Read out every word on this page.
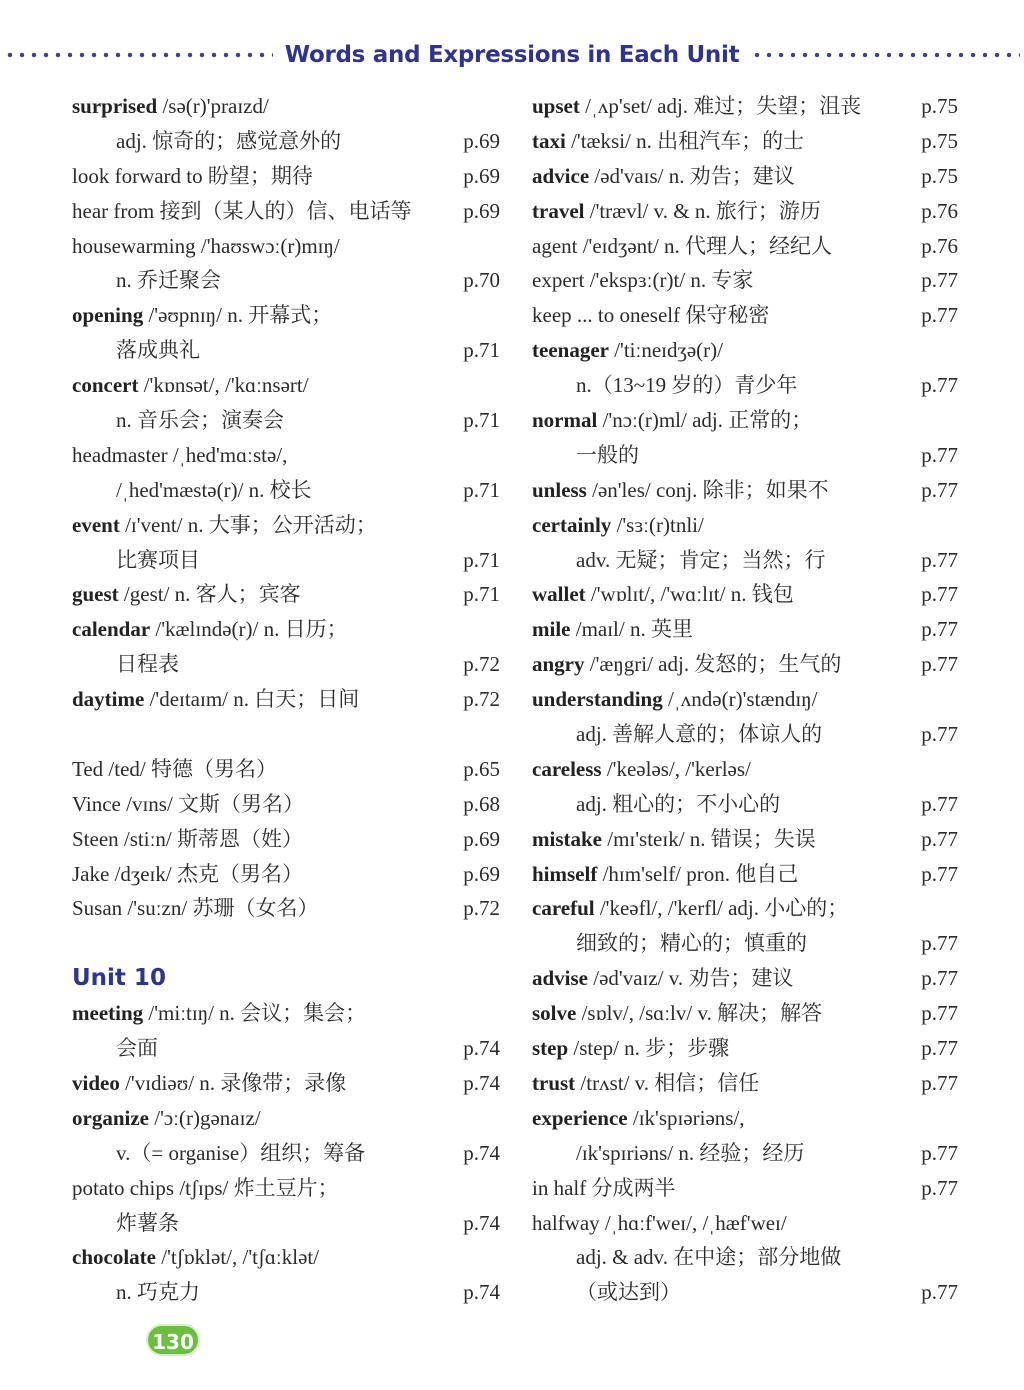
Words and Expressions in Each Unit
surprised /sə(r)'praɪzd/
adj. 惊奇的；感觉意外的	p.69
look forward to 盼望；期待	p.69
hear from 接到（某人的）信、电话等	p.69
housewarming /'haʊswɔː(r)mɪŋ/
n. 乔迁聚会	p.70
opening /'əʊpnɪŋ/ n. 开幕式；
落成典礼	p.71
concert /'kɒnsət/, /'kɑːnsərt/
n. 音乐会；演奏会	p.71
headmaster /ˌhed'mɑːstə/,
/ˌhed'mæstə(r)/ n. 校长	p.71
event /ɪ'vent/ n. 大事；公开活动；
比赛项目	p.71
guest /gest/ n. 客人；宾客	p.71
calendar /'kælɪndə(r)/ n. 日历；
日程表	p.72
daytime /'deɪtaɪm/ n. 白天；日间	p.72
Ted /ted/ 特德（男名）	p.65
Vince /vɪns/ 文斯（男名）	p.68
Steen /stiːn/ 斯蒂恩（姓）	p.69
Jake /dʒeɪk/ 杰克（男名）	p.69
Susan /'suːzn/ 苏珊（女名）	p.72
Unit 10
meeting /'miːtɪŋ/ n. 会议；集会；
会面	p.74
video /'vɪdiəʊ/ n. 录像带；录像	p.74
organize /'ɔː(r)gənaɪz/
v.（= organise）组织；筹备	p.74
potato chips /tʃɪps/ 炸土豆片；
炸薯条	p.74
chocolate /'tʃɒklət/, /'tʃɑːklət/
n. 巧克力	p.74
upset /ˌʌp'set/ adj. 难过；失望；沮丧	p.75
taxi /'tæksi/ n. 出租汽车；的士	p.75
advice /əd'vaɪs/ n. 劝告；建议	p.75
travel /'trævl/ v. & n. 旅行；游历	p.76
agent /'eɪdʒənt/ n. 代理人；经纪人	p.76
expert /'ekspɜː(r)t/ n. 专家	p.77
keep ... to oneself 保守秘密	p.77
teenager /'tiːneɪdʒə(r)/
n.（13~19 岁的）青少年	p.77
normal /'nɔː(r)ml/ adj. 正常的；
一般的	p.77
unless /ən'les/ conj. 除非；如果不	p.77
certainly /'sɜː(r)tnli/
adv. 无疑；肯定；当然；行	p.77
wallet /'wɒlɪt/, /'wɑːlɪt/ n. 钱包	p.77
mile /maɪl/ n. 英里	p.77
angry /'æŋgri/ adj. 发怒的；生气的	p.77
understanding /ˌʌndə(r)'stændɪŋ/
adj. 善解人意的；体谅人的	p.77
careless /'keələs/, /'kerləs/
adj. 粗心的；不小心的	p.77
mistake /mɪ'steɪk/ n. 错误；失误	p.77
himself /hɪm'self/ pron. 他自己	p.77
careful /'keəfl/, /'kerfl/ adj. 小心的；
细致的；精心的；慎重的	p.77
advise /əd'vaɪz/ v. 劝告；建议	p.77
solve /sɒlv/, /sɑːlv/ v. 解决；解答	p.77
step /step/ n. 步；步骤	p.77
trust /trʌst/ v. 相信；信任	p.77
experience /ɪk'spɪəriəns/,
/ɪk'spɪriəns/ n. 经验；经历	p.77
in half 分成两半	p.77
halfway /ˌhɑːf'weɪ/, /ˌhæf'weɪ/
adj. & adv. 在中途；部分地做
（或达到）	p.77
130
